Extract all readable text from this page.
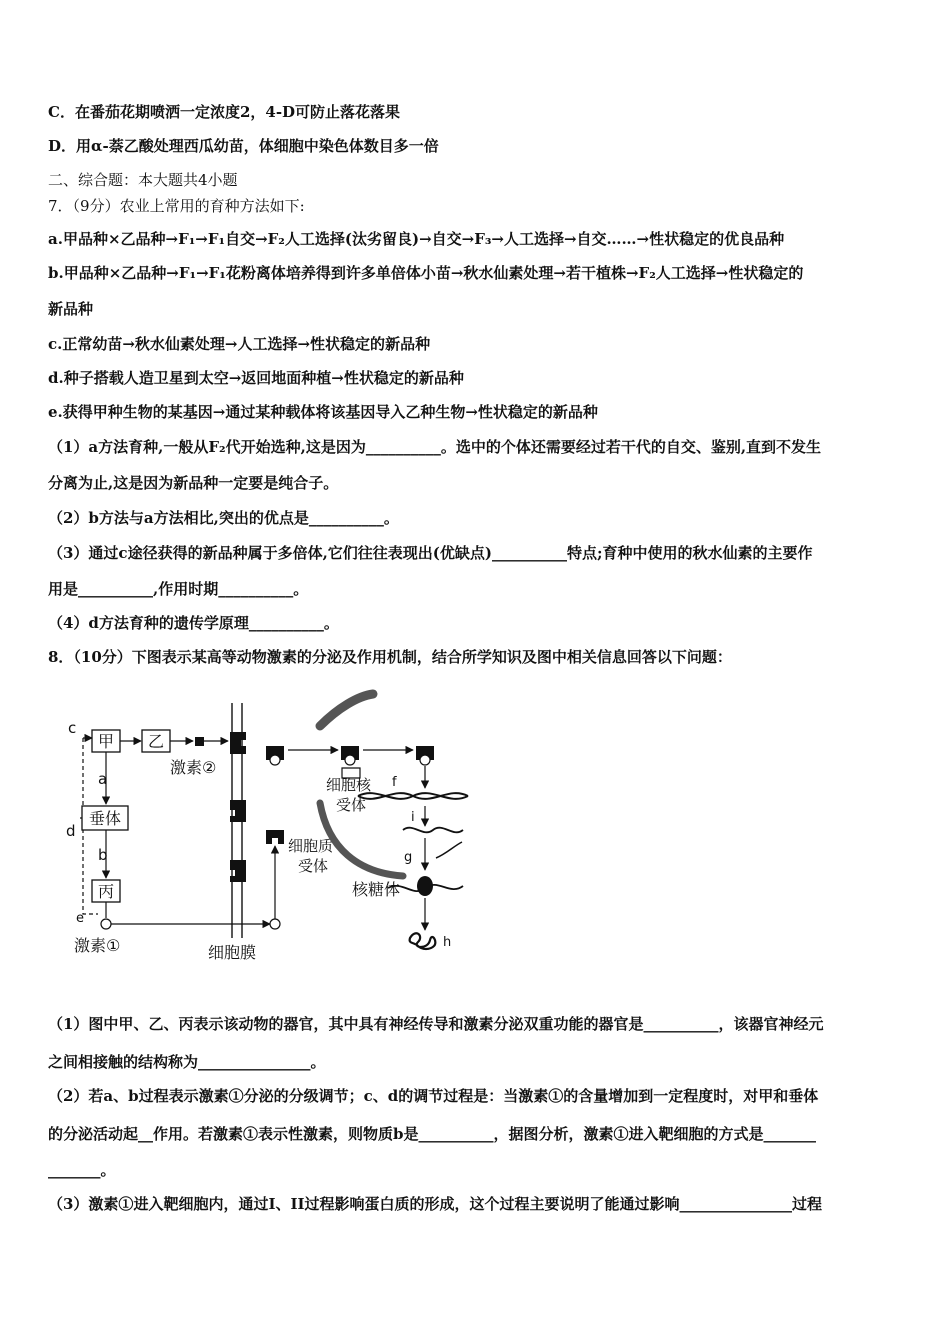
C．在番茄花期喷洒一定浓度2，4-D可防止落花落果
D．用α-萘乙酸处理西瓜幼苗，体细胞中染色体数目多一倍
二、综合题：本大题共4小题
7．（9分）农业上常用的育种方法如下:
a.甲品种×乙品种→F₁→F₁自交→F₂人工选择(汰劣留良)→自交→F₃→人工选择→自交……→性状稳定的优良品种
b.甲品种×乙品种→F₁→F₁花粉离体培养得到许多单倍体小苗→秋水仙素处理→若干植株→F₂人工选择→性状稳定的
新品种
c.正常幼苗→秋水仙素处理→人工选择→性状稳定的新品种
d.种子搭载人造卫星到太空→返回地面种植→性状稳定的新品种
e.获得甲种生物的某基因→通过某种载体将该基因导入乙种生物→性状稳定的新品种
（1）a方法育种,一般从F₂代开始选种,这是因为__________。选中的个体还需要经过若干代的自交、鉴别,直到不发生
分离为止,这是因为新品种一定要是纯合子。
（2）b方法与a方法相比,突出的优点是__________。
（3）通过c途径获得的新品种属于多倍体,它们往往表现出(优缺点)__________特点;育种中使用的秋水仙素的主要作
用是__________,作用时期__________。
（4）d方法育种的遗传学原理__________。
8．（10分）下图表示某高等动物激素的分泌及作用机制，结合所学知识及图中相关信息回答以下问题：
c
d
e
甲 乙
激素②
a
垂体
b
丙
激素①	细胞膜
细胞质
受体
细胞核
受体
f
i
g
核糖体
h
（1）图中甲、乙、丙表示该动物的器官，其中具有神经传导和激素分泌双重功能的器官是__________，该器官神经元
之间相接触的结构称为_______________。
（2）若a、b过程表示激素①分泌的分级调节；c、d的调节过程是：当激素①的含量增加到一定程度时，对甲和垂体
的分泌活动起__作用。若激素①表示性激素，则物质b是__________，据图分析，激素①进入靶细胞的方式是_______
_______。
（3）激素①进入靶细胞内，通过I、II过程影响蛋白质的形成，这个过程主要说明了能通过影响_______________过程
